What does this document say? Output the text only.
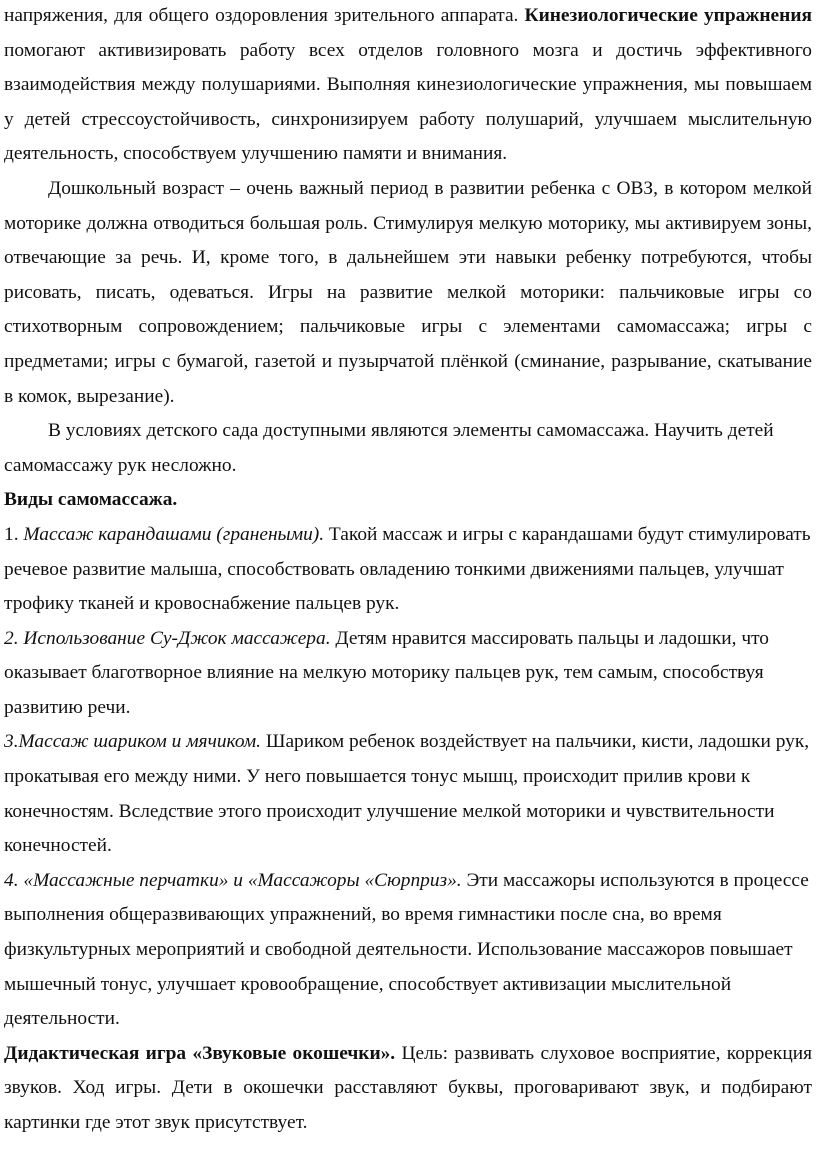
напряжения, для общего оздоровления зрительного аппарата. Кинезиологические упражнения помогают активизировать работу всех отделов головного мозга и достичь эффективного взаимодействия между полушариями. Выполняя кинезиологические упражнения, мы повышаем у детей стрессоустойчивость, синхронизируем работу полушарий, улучшаем мыслительную деятельность, способствуем улучшению памяти и внимания.

Дошкольный возраст – очень важный период в развитии ребенка с ОВЗ, в котором мелкой моторике должна отводиться большая роль. Стимулируя мелкую моторику, мы активируем зоны, отвечающие за речь. И, кроме того, в дальнейшем эти навыки ребенку потребуются, чтобы рисовать, писать, одеваться. Игры на развитие мелкой моторики: пальчиковые игры со стихотворным сопровождением; пальчиковые игры с элементами самомассажа; игры с предметами; игры с бумагой, газетой и пузырчатой плёнкой (сминание, разрывание, скатывание в комок, вырезание).

В условиях детского сада доступными являются элементы самомассажа. Научить детей самомассажу рук несложно.

Виды самомассажа.

1. Массаж карандашами (гранеными). Такой массаж и игры с карандашами будут стимулировать речевое развитие малыша, способствовать овладению тонкими движениями пальцев, улучшат трофику тканей и кровоснабжение пальцев рук.

2. Использование Су-Джок массажера. Детям нравится массировать пальцы и ладошки, что оказывает благотворное влияние на мелкую моторику пальцев рук, тем самым, способствуя развитию речи.

3.Массаж шариком и мячиком. Шариком ребенок воздействует на пальчики, кисти, ладошки рук, прокатывая его между ними. У него повышается тонус мышц, происходит прилив крови к конечностям. Вследствие этого происходит улучшение мелкой моторики и чувствительности конечностей.

4. «Массажные перчатки» и «Массажоры «Сюрприз». Эти массажоры используются в процессе выполнения общеразвивающих упражнений, во время гимнастики после сна, во время физкультурных мероприятий и свободной деятельности. Использование массажоров повышает мышечный тонус, улучшает кровообращение, способствует активизации мыслительной деятельности.

Дидактическая игра «Звуковые окошечки». Цель: развивать слуховое восприятие, коррекция звуков. Ход игры. Дети в окошечки расставляют буквы, проговаривают звук, и подбирают картинки где этот звук присутствует.
